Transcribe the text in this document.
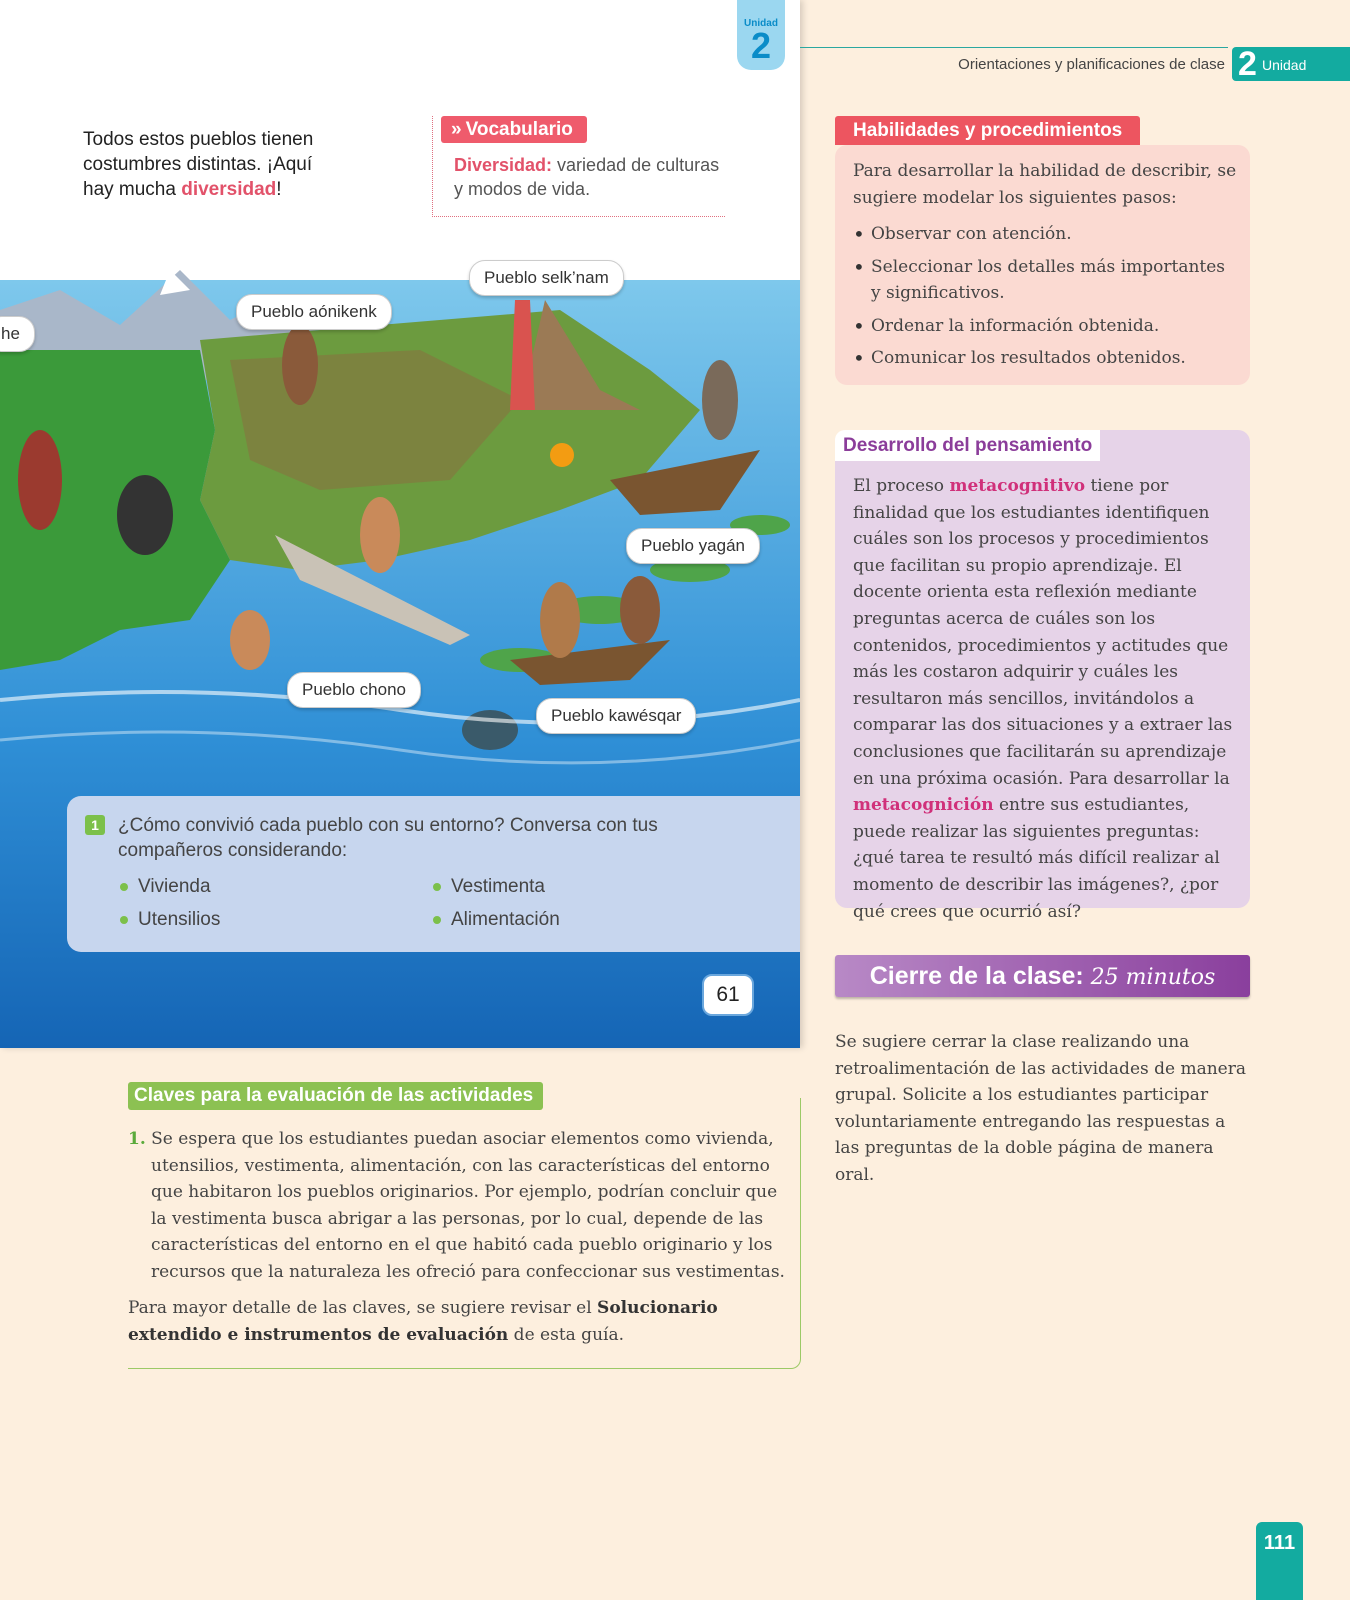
Unidad
2
Todos estos pueblos tienen
costumbres distintas. ¡Aquí
hay mucha diversidad!
» Vocabulario
Diversidad: variedad de culturas y modos de vida.
he
Pueblo aónikenk
Pueblo selk’nam
Pueblo yagán
Pueblo chono
Pueblo kawésqar
1	¿Cómo convivió cada pueblo con su entorno? Conversa con tus compañeros considerando:
Vivienda	Vestimenta
Utensilios	Alimentación
61
Claves para la evaluación de las actividades

1. Se espera que los estudiantes puedan asociar elementos como vivienda, utensilios, vestimenta, alimentación, con las características del entorno que habitaron los pueblos originarios. Por ejemplo, podrían concluir que la vestimenta busca abrigar a las personas, por lo cual, depende de las características del entorno en el que habitó cada pueblo originario y los recursos que la naturaleza les ofreció para confeccionar sus vestimentas.

Para mayor detalle de las claves, se sugiere revisar el Solucionario extendido e instrumentos de evaluación de esta guía.

Orientaciones y planificaciones de clase 2 Unidad
Habilidades y procedimientos

Para desarrollar la habilidad de describir, se sugiere modelar los siguientes pasos:

• Observar con atención.
• Seleccionar los detalles más importantes y significativos.
• Ordenar la información obtenida.
• Comunicar los resultados obtenidos.
Desarrollo del pensamiento
El proceso metacognitivo tiene por finalidad que los estudiantes identifiquen cuáles son los procesos y procedimientos que facilitan su propio aprendizaje. El docente orienta esta reflexión mediante preguntas acerca de cuáles son los contenidos, procedimientos y actitudes que más les costaron adquirir y cuáles les resultaron más sencillos, invitándolos a comparar las dos situaciones y a extraer las conclusiones que facilitarán su aprendizaje en una próxima ocasión. Para desarrollar la metacognición entre sus estudiantes, puede realizar las siguientes preguntas: ¿qué tarea te resultó más difícil realizar al momento de describir las imágenes?, ¿por qué crees que ocurrió así?
Cierre de la clase: 25 minutos
Se sugiere cerrar la clase realizando una retroalimentación de las actividades de manera grupal. Solicite a los estudiantes participar voluntariamente entregando las respuestas a las preguntas de la doble página de manera oral.
111
